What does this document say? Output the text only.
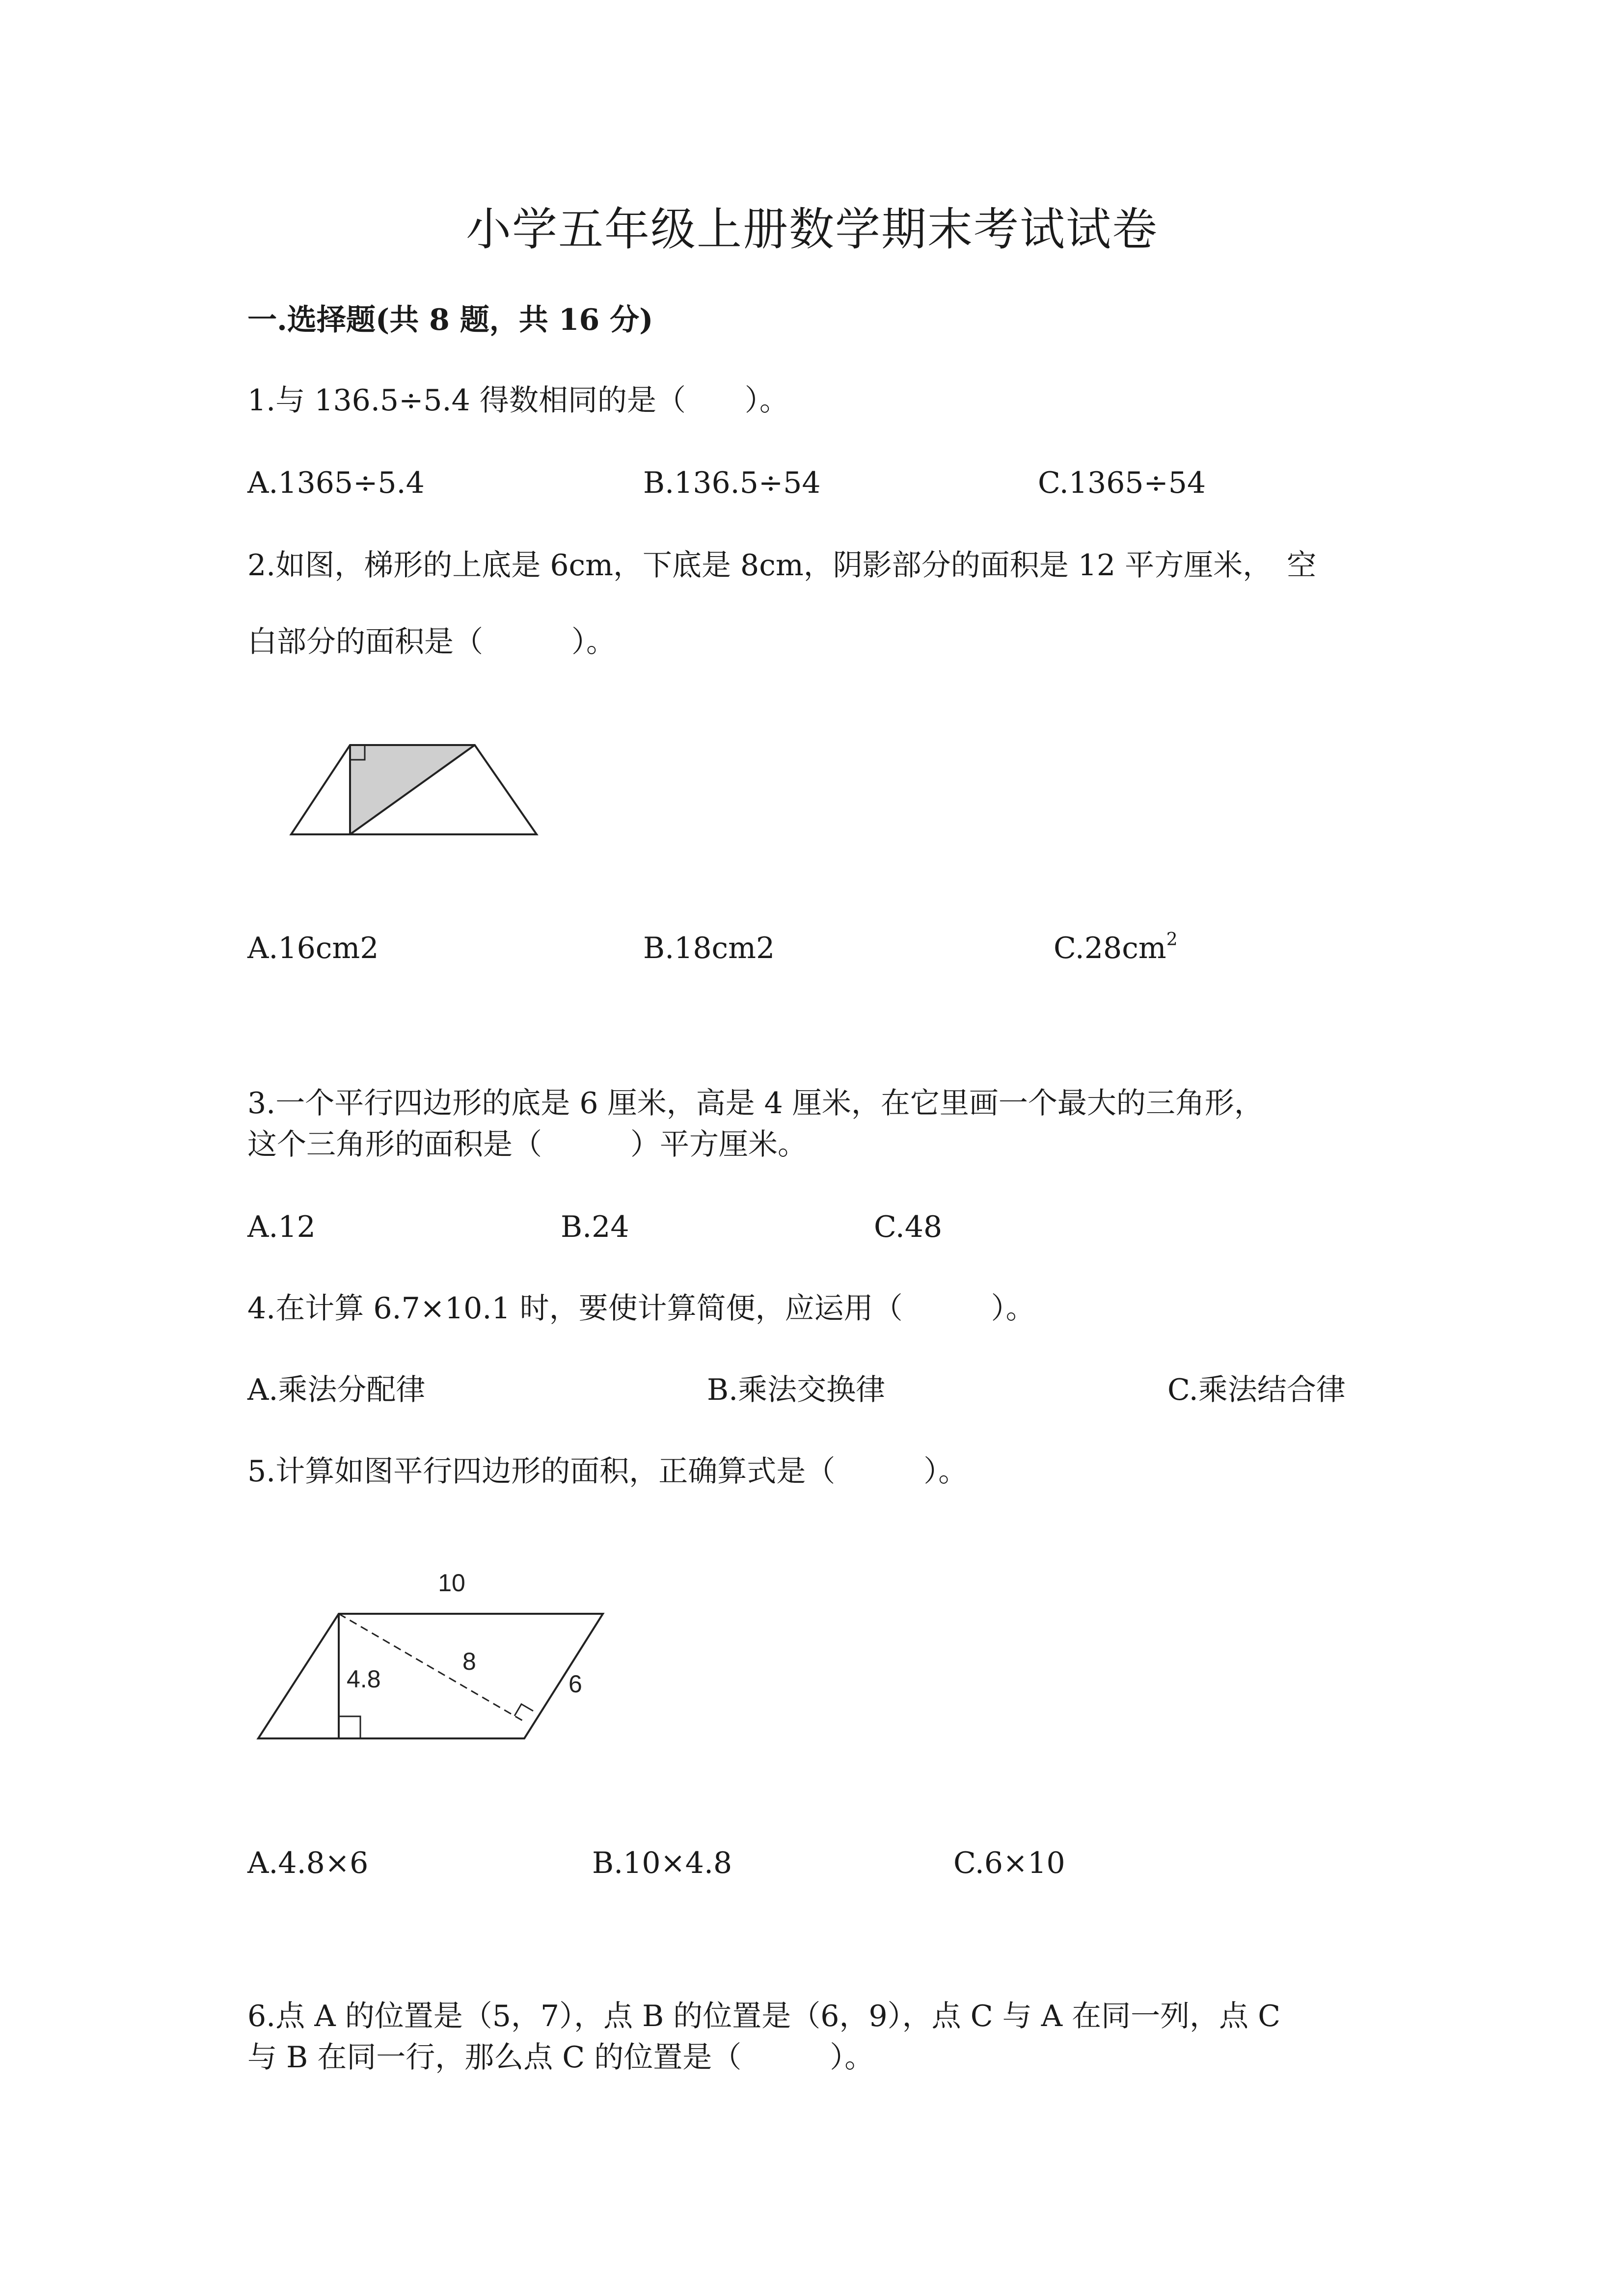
小学五年级上册数学期末考试试卷
一.选择题(共 8 题，共 16 分)
1.与 136.5÷5.4 得数相同的是（　　）。
A.1365÷5.4	B.136.5÷54	C.1365÷54
2.如图，梯形的上底是 6cm，下底是 8cm，阴影部分的面积是 12 平方厘米，　空
白部分的面积是（　　　）。
A.16cm2	B.18cm2	$C.28cm^2$
3.一个平行四边形的底是 6 厘米，高是 4 厘米，在它里画一个最大的三角形，
这个三角形的面积是（　　　）平方厘米。
A.12	B.24	C.48
4.在计算 6.7×10.1 时，要使计算简便，应运用（　　　）。
A.乘法分配律	B.乘法交换律	C.乘法结合律
5.计算如图平行四边形的面积，正确算式是（　　　）。
10
4.8
8
6
A.4.8×6	B.10×4.8	C.6×10
6.点 A 的位置是（5，7），点 B 的位置是（6，9），点 C 与 A 在同一列，点 C
与 B 在同一行，那么点 C 的位置是（　　　）。
